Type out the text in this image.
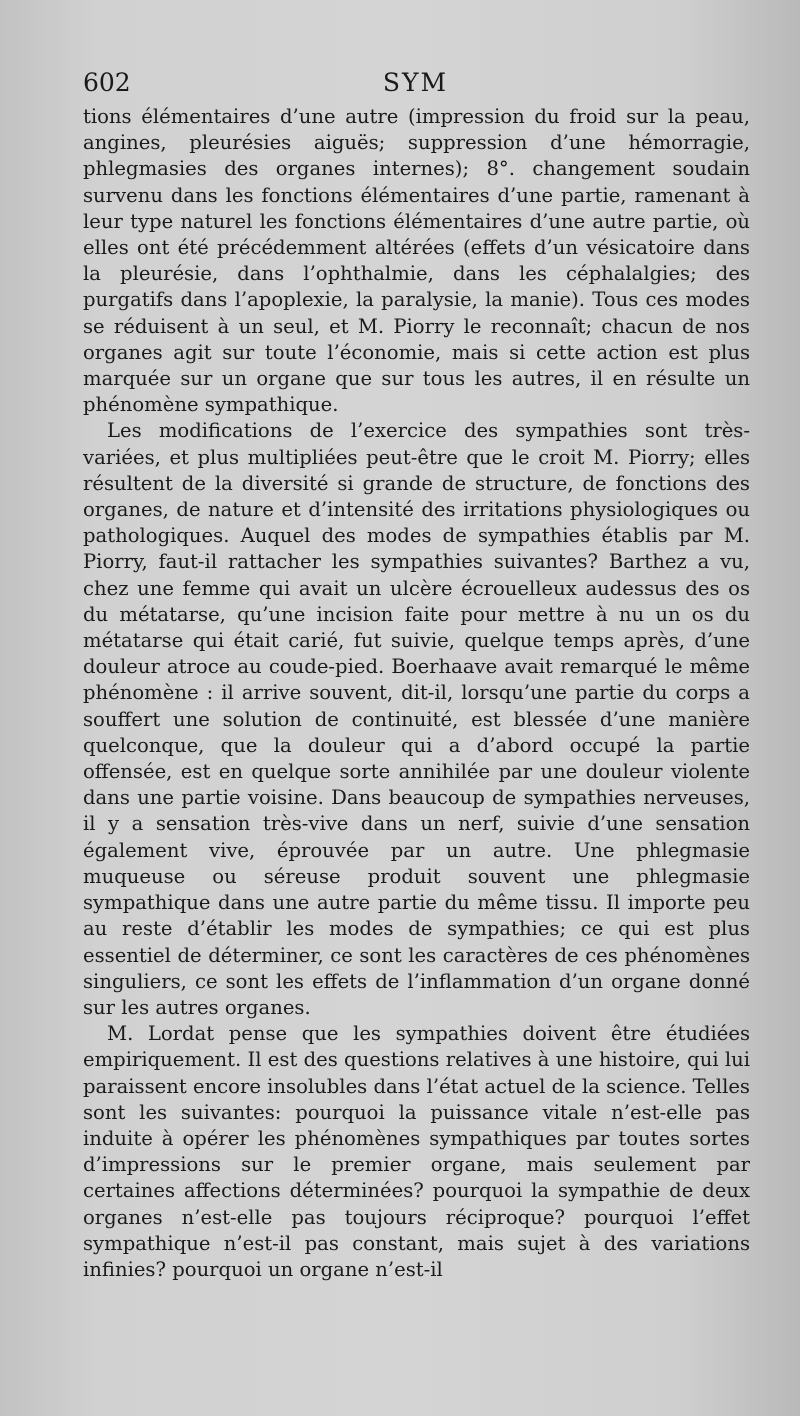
602	SYM

tions élémentaires d’une autre (impression du froid sur la peau, angines, pleurésies aiguës; suppression d’une hémorragie, phlegmasies des organes internes); 8°. changement soudain survenu dans les fonctions élémentaires d’une partie, ramenant à leur type naturel les fonctions élémentaires d’une autre partie, où elles ont été précédemment altérées (effets d’un vésicatoire dans la pleurésie, dans l’ophthalmie, dans les céphalalgies; des purgatifs dans l’apoplexie, la paralysie, la manie). Tous ces modes se réduisent à un seul, et M. Piorry le reconnaît; chacun de nos organes agit sur toute l’économie, mais si cette action est plus marquée sur un organe que sur tous les autres, il en résulte un phénomène sympathique.

Les modifications de l’exercice des sympathies sont très-variées, et plus multipliées peut-être que le croit M. Piorry; elles résultent de la diversité si grande de structure, de fonctions des organes, de nature et d’intensité des irritations physiologiques ou pathologiques. Auquel des modes de sympathies établis par M. Piorry, faut-il rattacher les sympathies suivantes? Barthez a vu, chez une femme qui avait un ulcère écrouelleux audessus des os du métatarse, qu’une incision faite pour mettre à nu un os du métatarse qui était carié, fut suivie, quelque temps après, d’une douleur atroce au coude-pied. Boerhaave avait remarqué le même phénomène : il arrive souvent, dit-il, lorsqu’une partie du corps a souffert une solution de continuité, est blessée d’une manière quelconque, que la douleur qui a d’abord occupé la partie offensée, est en quelque sorte annihilée par une douleur violente dans une partie voisine. Dans beaucoup de sympathies nerveuses, il y a sensation très-vive dans un nerf, suivie d’une sensation également vive, éprouvée par un autre. Une phlegmasie muqueuse ou séreuse produit souvent une phlegmasie sympathique dans une autre partie du même tissu. Il importe peu au reste d’établir les modes de sympathies; ce qui est plus essentiel de déterminer, ce sont les caractères de ces phénomènes singuliers, ce sont les effets de l’inflammation d’un organe donné sur les autres organes.

M. Lordat pense que les sympathies doivent être étudiées empiriquement. Il est des questions relatives à une histoire, qui lui paraissent encore insolubles dans l’état actuel de la science. Telles sont les suivantes: pourquoi la puissance vitale n’est-elle pas induite à opérer les phénomènes sympathiques par toutes sortes d’impressions sur le premier organe, mais seulement par certaines affections déterminées? pourquoi la sympathie de deux organes n’est-elle pas toujours réciproque? pourquoi l’effet sympathique n’est-il pas constant, mais sujet à des variations infinies? pourquoi un organe n’est-il
